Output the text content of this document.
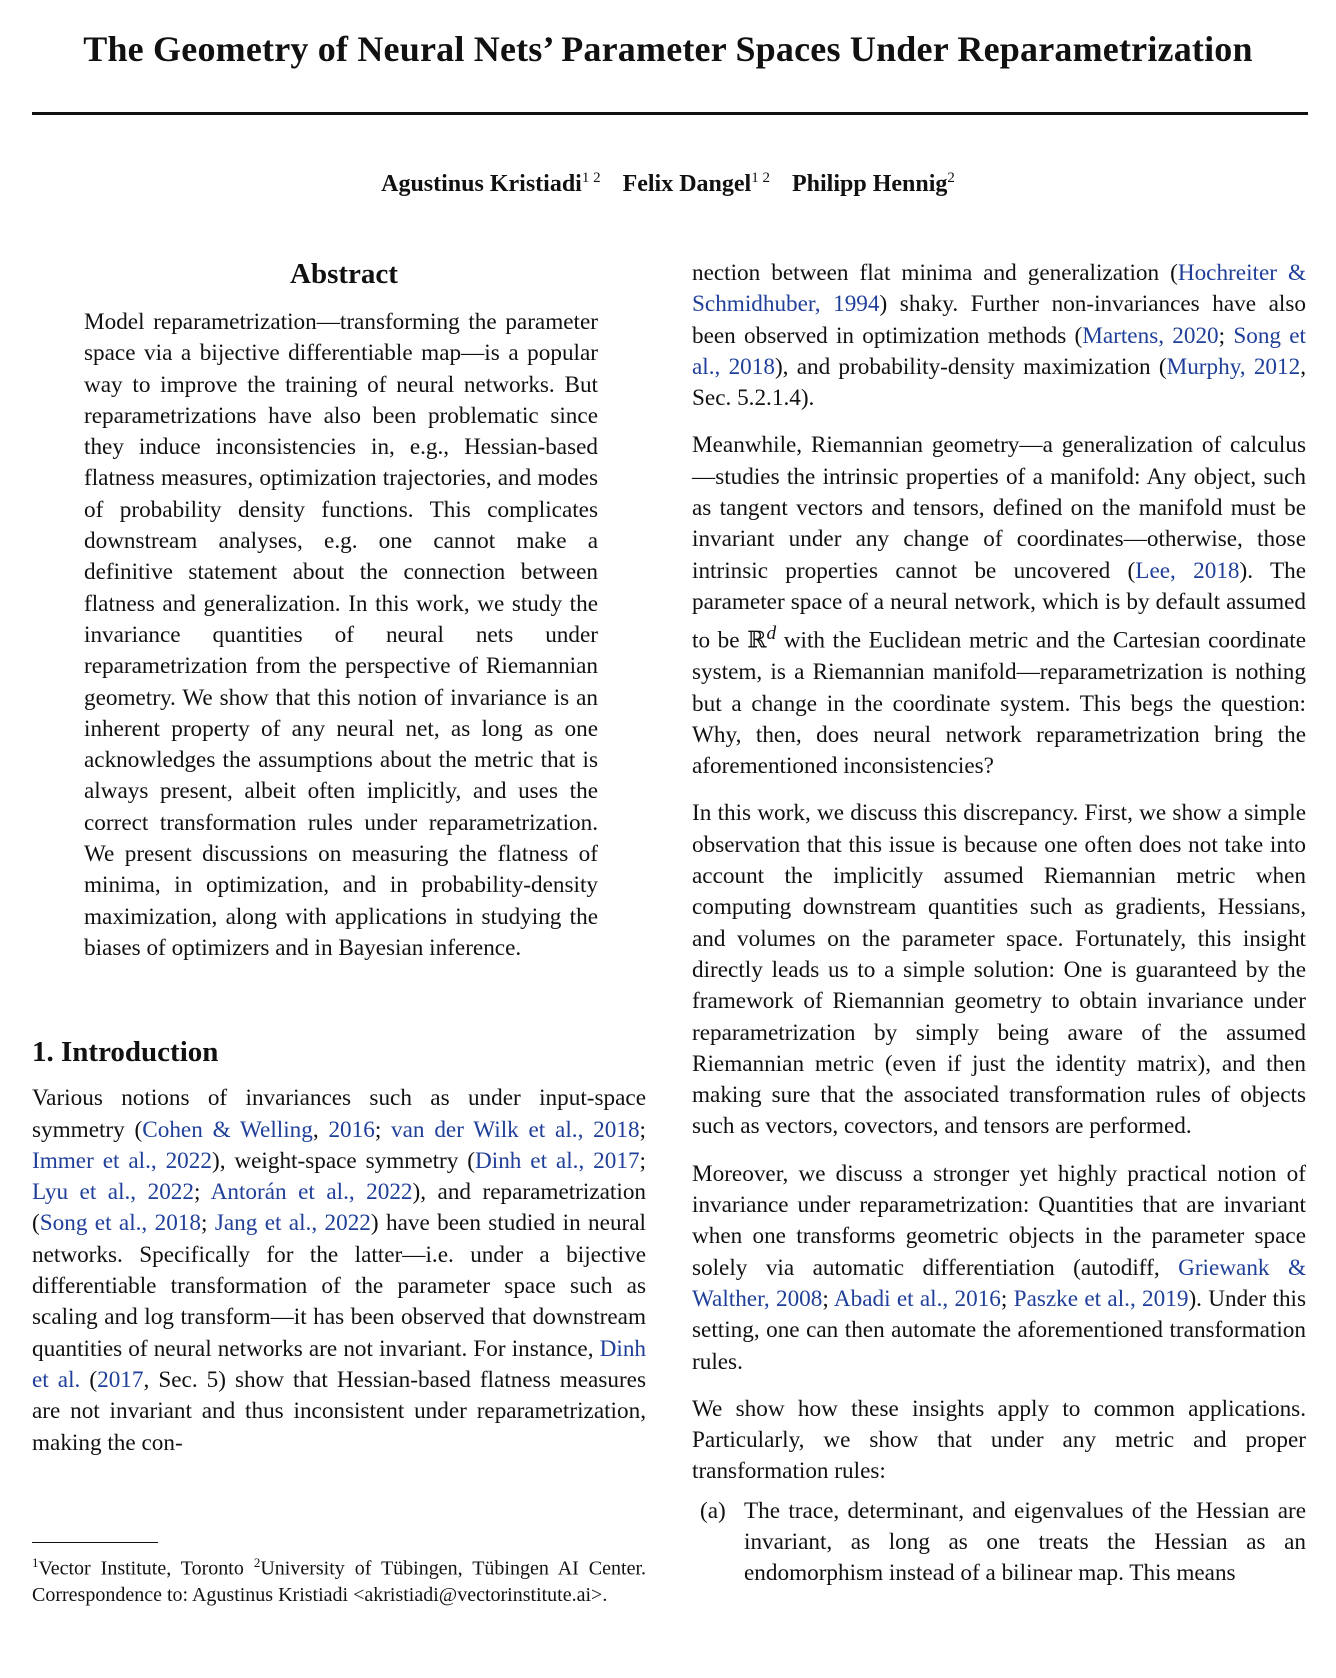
The Geometry of Neural Nets’ Parameter Spaces Under Reparametrization
Agustinus Kristiadi$^{1 2}$ Felix Dangel$^{1 2}$ Philipp Hennig$^2$
Abstract
Model reparametrization—transforming the parameter space via a bijective differentiable map—is a popular way to improve the training of neural networks. But reparametrizations have also been problematic since they induce inconsistencies in, e.g., Hessian-based flatness measures, optimization trajectories, and modes of probability density functions. This complicates downstream analyses, e.g. one cannot make a definitive statement about the connection between flatness and generalization. In this work, we study the invariance quantities of neural nets under reparametrization from the perspective of Riemannian geometry. We show that this notion of invariance is an inherent property of any neural net, as long as one acknowledges the assumptions about the metric that is always present, albeit often implicitly, and uses the correct transformation rules under reparametrization. We present discussions on measuring the flatness of minima, in optimization, and in probability-density maximization, along with applications in studying the biases of optimizers and in Bayesian inference.
1. Introduction

Various notions of invariances such as under input-space symmetry (Cohen & Welling, 2016; van der Wilk et al., 2018; Immer et al., 2022), weight-space symmetry (Dinh et al., 2017; Lyu et al., 2022; Antorán et al., 2022), and reparametrization (Song et al., 2018; Jang et al., 2022) have been studied in neural networks. Specifically for the latter—i.e. under a bijective differentiable transformation of the parameter space such as scaling and log transform—it has been observed that downstream quantities of neural networks are not invariant. For instance, Dinh et al. (2017, Sec. 5) show that Hessian-based flatness measures are not invariant and thus inconsistent under reparametrization, making the con-

$^1$Vector Institute, Toronto $^2$University of Tübingen, Tübingen AI Center. Correspondence to: Agustinus Kristiadi <akristiadi@vectorinstitute.ai>.

nection between flat minima and generalization (Hochreiter & Schmidhuber, 1994) shaky. Further non-invariances have also been observed in optimization methods (Martens, 2020; Song et al., 2018), and probability-density maximization (Murphy, 2012, Sec. 5.2.1.4).

Meanwhile, Riemannian geometry—a generalization of calculus—studies the intrinsic properties of a manifold: Any object, such as tangent vectors and tensors, defined on the manifold must be invariant under any change of coordinates—otherwise, those intrinsic properties cannot be uncovered (Lee, 2018). The parameter space of a neural network, which is by default assumed to be ℝ$^d$ with the Euclidean metric and the Cartesian coordinate system, is a Riemannian manifold—reparametrization is nothing but a change in the coordinate system. This begs the question: Why, then, does neural network reparametrization bring the aforementioned inconsistencies?

In this work, we discuss this discrepancy. First, we show a simple observation that this issue is because one often does not take into account the implicitly assumed Riemannian metric when computing downstream quantities such as gradients, Hessians, and volumes on the parameter space. Fortunately, this insight directly leads us to a simple solution: One is guaranteed by the framework of Riemannian geometry to obtain invariance under reparametrization by simply being aware of the assumed Riemannian metric (even if just the identity matrix), and then making sure that the associated transformation rules of objects such as vectors, covectors, and tensors are performed.

Moreover, we discuss a stronger yet highly practical notion of invariance under reparametrization: Quantities that are invariant when one transforms geometric objects in the parameter space solely via automatic differentiation (autodiff, Griewank & Walther, 2008; Abadi et al., 2016; Paszke et al., 2019). Under this setting, one can then automate the aforementioned transformation rules.

We show how these insights apply to common applications. Particularly, we show that under any metric and proper transformation rules:

(a) The trace, determinant, and eigenvalues of the Hessian are invariant, as long as one treats the Hessian as an endomorphism instead of a bilinear map. This means
